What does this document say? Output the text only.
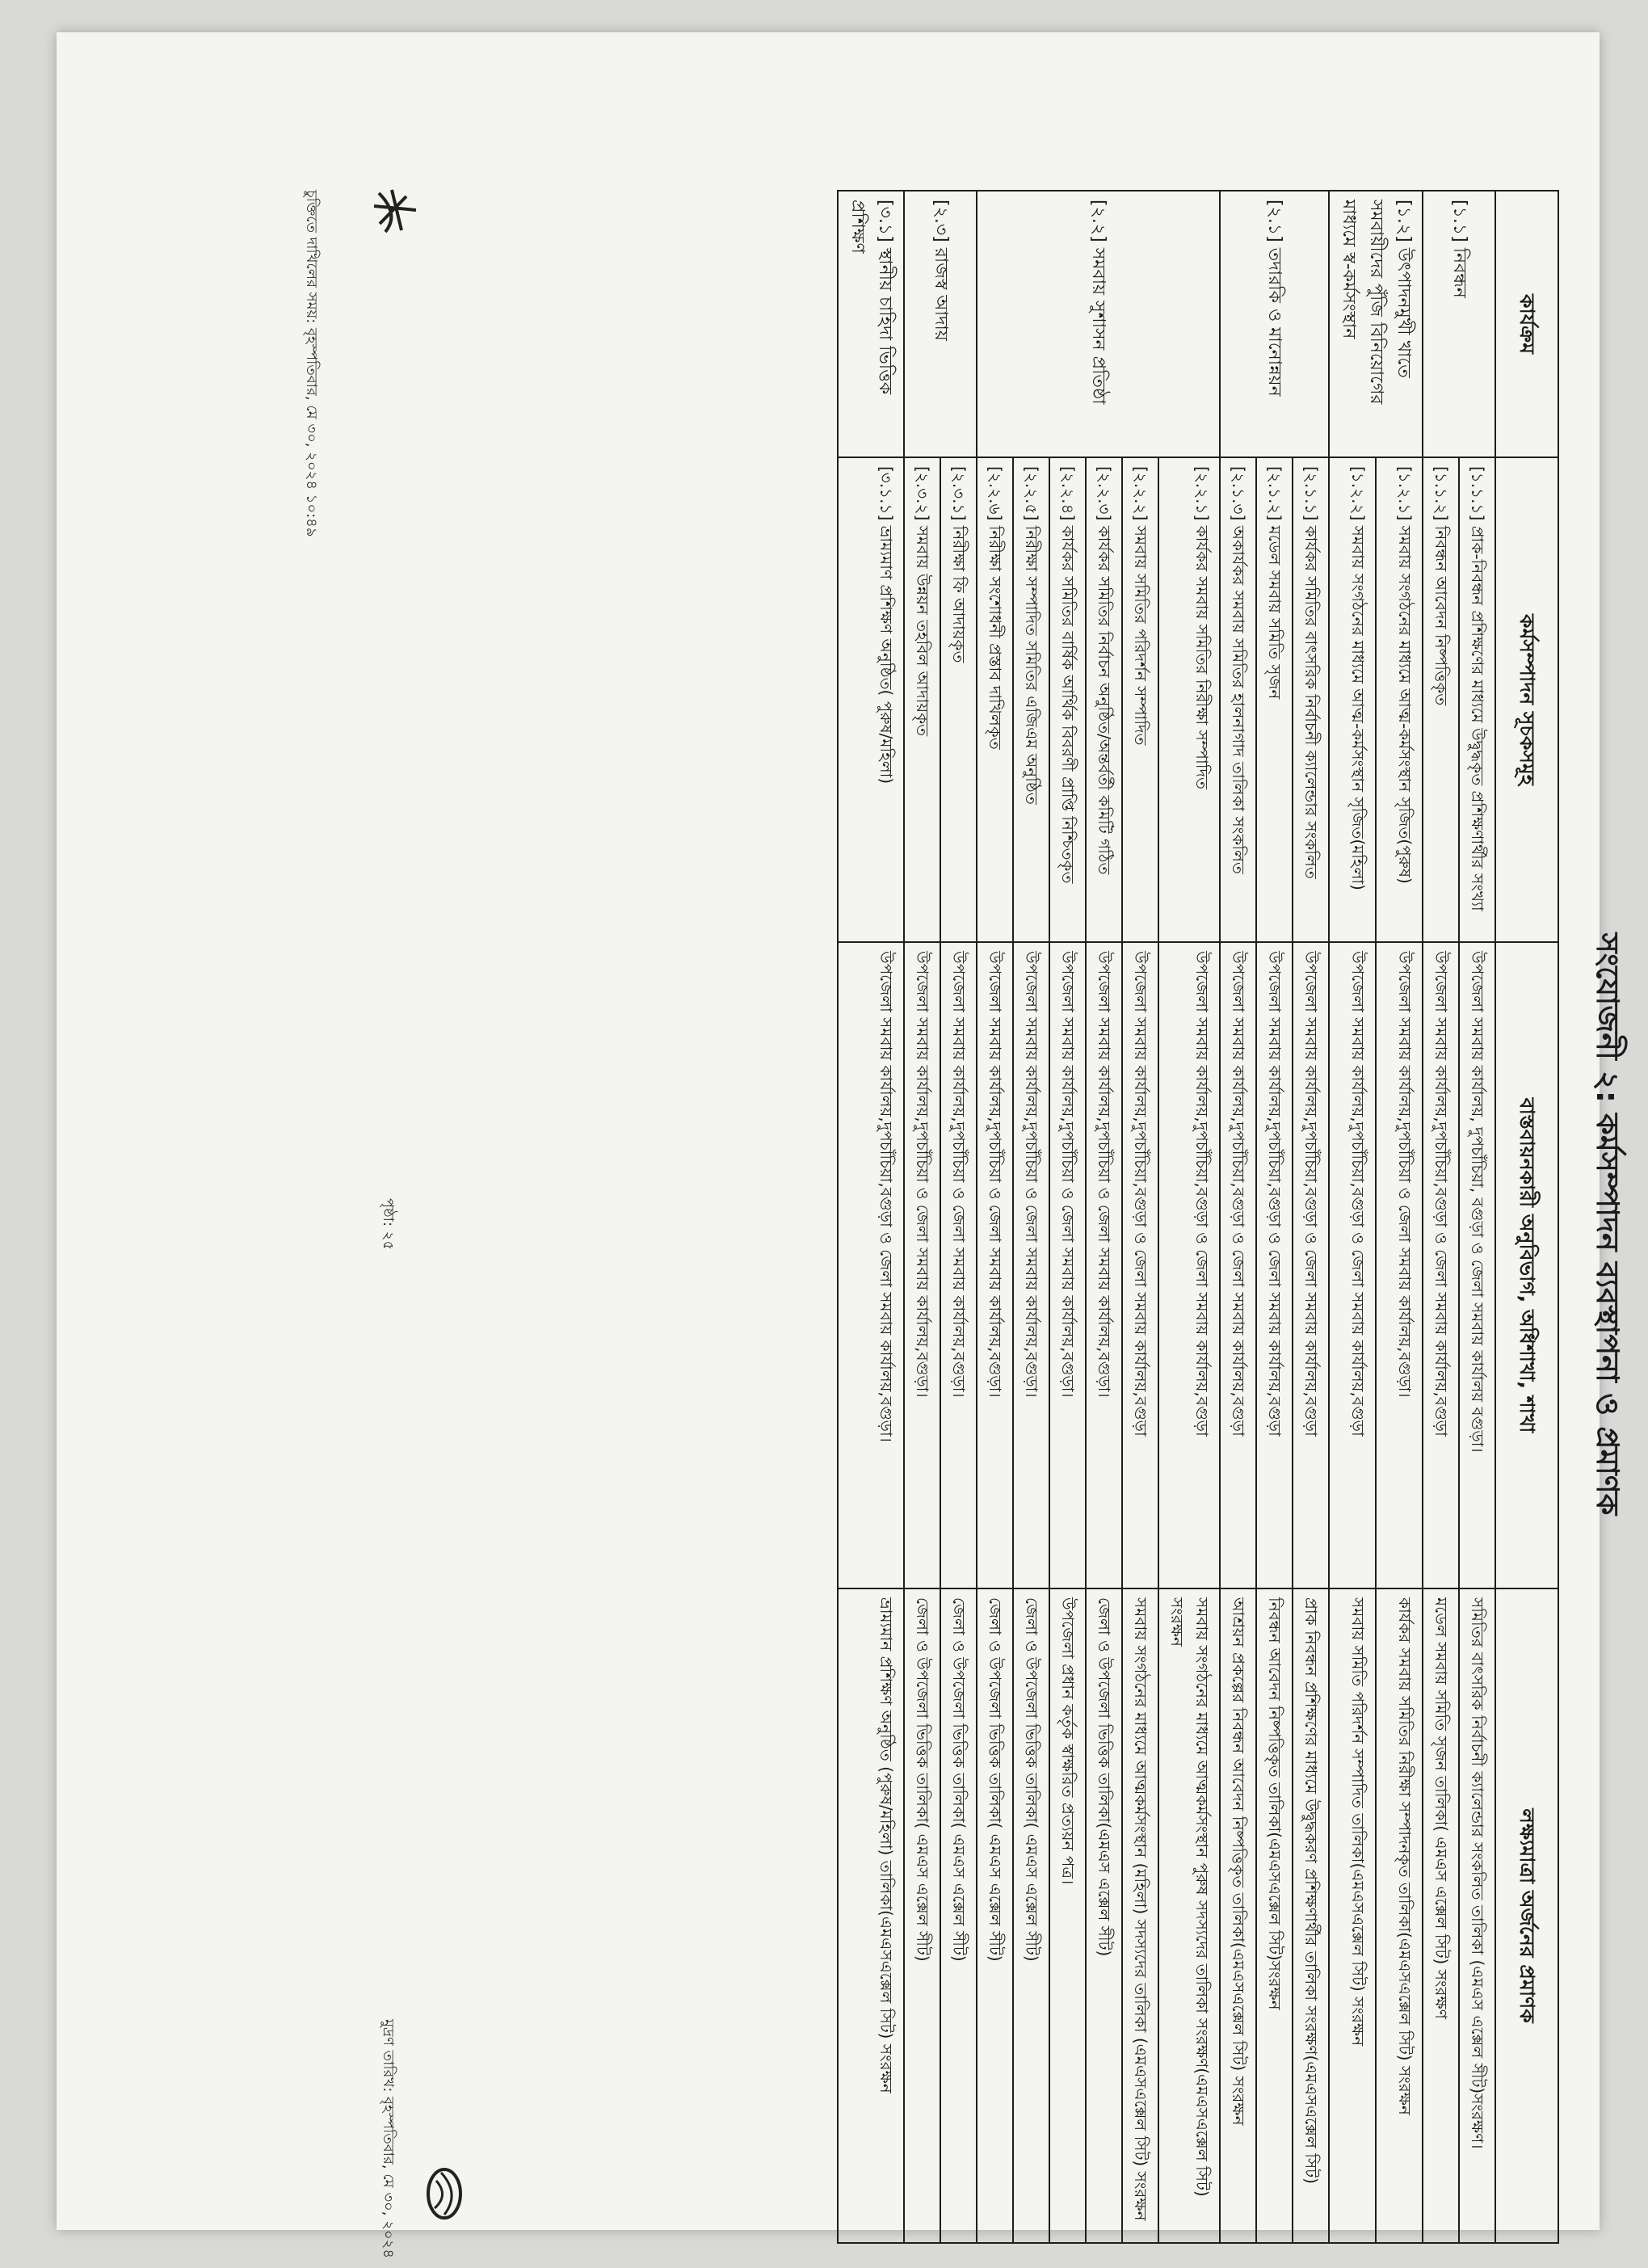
সংযোজনী ২: কর্মসম্পাদন ব্যবস্থাপনা ও প্রমাণক
কার্যক্রম	কর্মসম্পাদন সূচকসমূহ	বাস্তবায়নকারী অনুবিভাগ, অধিশাখা, শাখা	লক্ষ্যমাত্রা অর্জনের প্রমাণক
[১.১] নিবন্ধন	[১.১.১] প্রাক-নিবন্ধন প্রশিক্ষণের মাধ্যমে উদ্বুদ্ধকৃত প্রশিক্ষণার্থীর সংখ্যা	উপজেলা সমবায় কার্যালয়, দুপচাঁচিয়া, বগুড়া ও জেলা সমবায় কার্যালয় বগুড়া।	সমিতির বাৎসরিক নির্বাচনী ক্যালেন্ডার সংকলিত তালিকা (এমএস এক্সেল সীট)সংরক্ষণ।
	[১.১.২] নিবন্ধন আবেদন নিষ্পত্তিকৃত	উপজেলা সমবায় কার্যালয়,দুপচাঁচিয়া,বগুড়া ও জেলা সমবায় কার্যালয়,বগুড়া	মডেল সমবায় সমিতি সৃজন তালিকা( এমএস এক্সেল সিট) সংরক্ষণ
[১.২] উৎপাদনমুখী খাতে সমবায়ীদের পুঁজি বিনিয়োগের মাধ্যমে স্ব-কর্মসংস্থান	[১.২.১] সমবায় সংগঠনের মাধ্যমে আত্ম-কর্মসংস্থান সৃজিত(পুরুষ)	উপজেলা সমবায় কার্যালয়,দুপচাঁচিয়া ও জেলা সমবায় কার্যালয়,বগুড়া।	কার্যকর সমবায় সমিতির নিরীক্ষা সম্পাদনকৃত তালিকা(এমএসএক্সেল সিট) সংরক্ষন
	[১.২.২] সমবায় সংগঠনের মাধ্যমে আত্ম-কর্মসংস্থান সৃজিত(মহিলা)	উপজেলা সমবায় কার্যালয়,দুপচাঁচিয়া,বগুড়া ও জেলা সমবায় কার্যালয়,বগুড়া	সমবায় সমিতি পরিদর্শন সম্পাদিত তালিকা(এমএসএক্সেল সিট) সংরক্ষন
[২.১] তদারকি ও মানোন্নয়ন	[২.১.১] কার্যকর সমিতির বাৎসরিক নির্বাচনী ক্যালেন্ডার সংকলিত	উপজেলা সমবায় কার্যালয়,দুপচাঁচিয়া,বগুড়া ও জেলা সমবায় কার্যালয়,বগুড়া	প্রাক নিবন্ধন প্রশিক্ষণের মাধ্যমে উদ্বুদ্ধকরণ প্রশিক্ষণার্থীর তালিকা সংরক্ষণ(এমএসএক্সেল সিট)
	[২.১.২] মডেল সমবায় সমিতি সৃজন	উপজেলা সমবায় কার্যালয়,দুপচাঁচিয়া,বগুড়া ও জেলা সমবায় কার্যালয়,বগুড়া	নিবন্ধন আবেদন নিষ্পত্তিকৃত তালিকা(এমএসএক্সেল সিট)সংরক্ষন
	[২.১.৩] অকার্যকর সমবায় সমিতির হালনাগাদ তালিকা সংকলিত	উপজেলা সমবায় কার্যালয়,দুপচাঁচিয়া,বগুড়া ও জেলা সমবায় কার্যালয়,বগুড়া	আশ্রয়ন প্রকল্পের নিবন্ধন আবেদন নিষ্পত্তিকৃত তালিকা(এমএসএক্সেল সিট) সংরক্ষন
[২.২] সমবায় সুশাসন প্রতিষ্ঠা	[২.২.১] কার্যকর সমবায় সমিতির নিরীক্ষা সম্পাদিত	উপজেলা সমবায় কার্যালয়,দুপচাঁচিয়া,বগুড়া ও জেলা সমবায় কার্যালয়,বগুড়া	সমবায় সংগঠনের মাধ্যমে আত্মকর্মসংস্থান পুরুষ সদস্যদের তালিকা সংরক্ষণ(এমএসএক্সেল সিট) সংরক্ষন
	[২.২.২] সমবায় সমিতির পরিদর্শন সম্পাদিত	উপজেলা সমবায় কার্যালয়,দুপচাঁচিয়া,বগুড়া ও জেলা সমবায় কার্যালয়,বগুড়া	সমবায় সংগঠনের মাধ্যমে আত্মকর্মসংস্থান (মহিলা) সদস্যদের তালিকা (এমএসএক্সেল সিট) সংরক্ষন
	[২.২.৩] কার্যকর সমিতির নির্বাচন অনুষ্ঠিত/অন্তর্বর্তী কমিটি গঠিত	উপজেলা সমবায় কার্যালয়,দুপচাঁচিয়া ও জেলা সমবায় কার্যালয়,বগুড়া।	জেলা ও উপজেলা ভিত্তিক তালিকা(এমএস এক্সেল সীট)
	[২.২.৪] কার্যকর সমিতির বার্ষিক আর্থিক বিবরণী প্রাপ্তি নিশ্চিতকৃত	উপজেলা সমবায় কার্যালয়,দুপচাঁচিয়া ও জেলা সমবায় কার্যালয়,বগুড়া।	উপজেলা প্রধান কর্তৃক স্বাক্ষরিত প্রত্যয়ন পত্র।
	[২.২.৫] নিরীক্ষা সম্পাদিত সমিতির এজিএম অনুষ্ঠিত	উপজেলা সমবায় কার্যালয়,দুপচাঁচিয়া ও জেলা সমবায় কার্যালয়,বগুড়া।	জেলা ও উপজেলা ভিত্তিক তালিকা( এমএস এক্সেল সীট)
	[২.২.৬] নিরীক্ষা সংশোধনী প্রস্তাব দাখিলকৃত	উপজেলা সমবায় কার্যালয়,দুপচাঁচিয়া ও জেলা সমবায় কার্যালয়,বগুড়া।	জেলা ও উপজেলা ভিত্তিক তালিকা( এমএস এক্সেল সীট)
[২.৩] রাজস্ব আদায়	[২.৩.১] নিরীক্ষা ফি আদায়কৃত	উপজেলা সমবায় কার্যালয়,দুপচাঁচিয়া ও জেলা সমবায় কার্যালয়,বগুড়া।	জেলা ও উপজেলা ভিত্তিক তালিকা( এমএস এক্সেল সীট)
	[২.৩.২] সমবায় উন্নয়ন তহবিল আদায়কৃত	উপজেলা সমবায় কার্যালয়,দুপচাঁচিয়া ও জেলা সমবায় কার্যালয়,বগুড়া।	জেলা ও উপজেলা ভিত্তিক তালিকা( এমএস এক্সেল সীট)
[৩.১] স্থানীয় চাহিদা ভিত্তিক প্রশিক্ষণ	[৩.১.১] ভ্রাম্যমাণ প্রশিক্ষণ অনুষ্ঠিত( পুরুষ/মহিলা)	উপজেলা সমবায় কার্যালয়,দুপচাঁচিয়া,বগুড়া ও জেলা সমবায় কার্যালয়,বগুড়া।	ভ্রাম্যমান প্রশিক্ষণ অনুষ্ঠিত (পুরুষ/মহিলা) তালিকা(এমএসএক্সেল সিট) সংরক্ষন
চুক্তিতে দাখিলের সময়: বৃহস্পতিবার, মে ৩০, ২০২৪ ১০:৪৯
পৃষ্ঠা: ২৫
মুদ্রণ তারিখ: বৃহস্পতিবার, মে ৩০, ২০২৪
